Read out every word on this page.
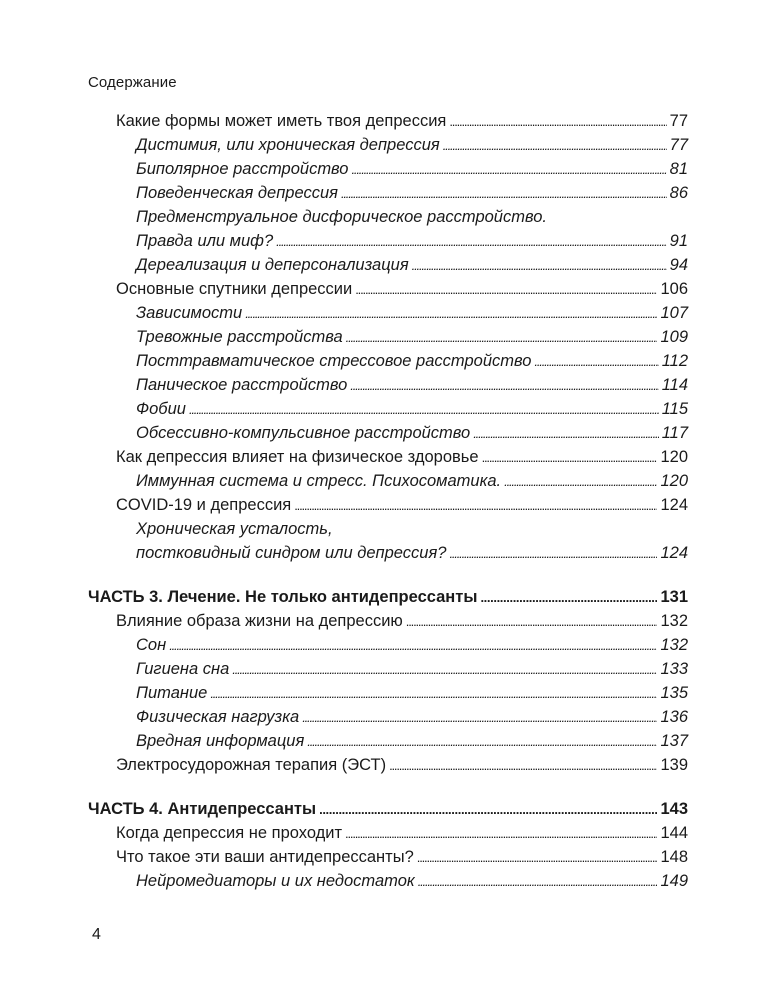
Содержание
Какие формы может иметь твоя депрессия . . .	77
Дистимия, или хроническая депрессия . . .	77
Биполярное расстройство . . .	81
Поведенческая депрессия . . .	86
Предменструальное дисфорическое расстройство.
Правда или миф? . . .	91
Дереализация и деперсонализация . . .	94
Основные спутники депрессии . . .	106
Зависимости . . .	107
Тревожные расстройства . . .	109
Посттравматическое стрессовое расстройство . . .	112
Паническое расстройство . . .	114
Фобии . . .	115
Обсессивно-компульсивное расстройство . . .	117
Как депрессия влияет на физическое здоровье . . .	120
Иммунная система и стресс. Психосоматика. . . .	120
COVID-19 и депрессия . . .	124
Хроническая усталость,
постковидный синдром или депрессия? . . .	124
ЧАСТЬ 3. Лечение. Не только антидепрессанты . . .	131
Влияние образа жизни на депрессию . . .	132
Сон . . .	132
Гигиена сна . . .	133
Питание . . .	135
Физическая нагрузка . . .	136
Вредная информация . . .	137
Электросудорожная терапия (ЭСТ) . . .	139
ЧАСТЬ 4. Антидепрессанты . . .	143
Когда депрессия не проходит . . .	144
Что такое эти ваши антидепрессанты? . . .	148
Нейромедиаторы и их недостаток . . .	149
4
